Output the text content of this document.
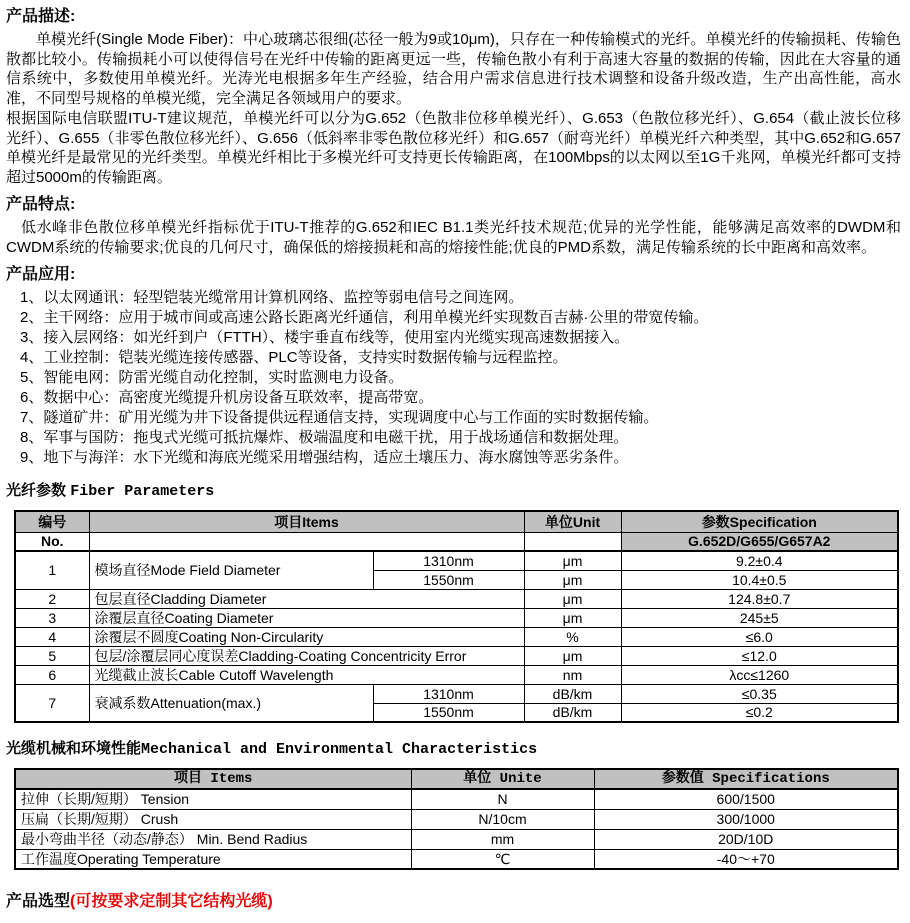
产品描述:
单模光纤(Single Mode Fiber)：中心玻璃芯很细(芯径一般为9或10μm)，只存在一种传输模式的光纤。单模光纤的传输损耗、传输色散都比较小。传输损耗小可以使得信号在光纤中传输的距离更远一些，传输色散小有利于高速大容量的数据的传输，因此在大容量的通信系统中，多数使用单模光纤。光涛光电根据多年生产经验，结合用户需求信息进行技术调整和设备升级改造，生产出高性能，高水准，不同型号规格的单模光缆，完全满足各领域用户的要求。
根据国际电信联盟ITU-T建议规范，单模光纤可以分为G.652（色散非位移单模光纤）、G.653（色散位移光纤）、G.654（截止波长位移光纤）、G.655（非零色散位移光纤）、G.656（低斜率非零色散位移光纤）和G.657（耐弯光纤）单模光纤六种类型，其中G.652和G.657单模光纤是最常见的光纤类型。单模光纤相比于多模光纤可支持更长传输距离，在100Mbps的以太网以至1G千兆网，单模光纤都可支持超过5000m的传输距离。
产品特点:
低水峰非色散位移单模光纤指标优于ITU-T推荐的G.652和IEC B1.1类光纤技术规范;优异的光学性能，能够满足高效率的DWDM和CWDM系统的传输要求;优良的几何尺寸，确保低的熔接损耗和高的熔接性能;优良的PMD系数，满足传输系统的长中距离和高效率。
产品应用:
1、以太网通讯：轻型铠装光缆常用计算机网络、监控等弱电信号之间连网。
2、主干网络：应用于城市间或高速公路长距离光纤通信，利用单模光纤实现数百吉赫·公里的带宽传输。
3、接入层网络：如光纤到户（FTTH）、楼宇垂直布线等，使用室内光缆实现高速数据接入。
4、工业控制：铠装光缆连接传感器、PLC等设备，支持实时数据传输与远程监控。
5、智能电网：防雷光缆自动化控制，实时监测电力设备。
6、数据中心：高密度光缆提升机房设备互联效率，提高带宽。
7、隧道矿井：矿用光缆为井下设备提供远程通信支持，实现调度中心与工作面的实时数据传输。
8、军事与国防：拖曳式光缆可抵抗爆炸、极端温度和电磁干扰，用于战场通信和数据处理。
9、地下与海洋：水下光缆和海底光缆采用增强结构，适应土壤压力、海水腐蚀等恶劣条件。
光纤参数 Fiber Parameters
编号	项目Items		单位Unit	参数Specification
No.				G.652D/G655/G657A2
1	模场直径Mode Field Diameter	1310nm	μm	9.2±0.4
		1550nm	μm	10.4±0.5
2	包层直径Cladding Diameter		μm	124.8±0.7
3	涂覆层直径Coating Diameter		μm	245±5
4	涂覆层不圆度Coating Non-Circularity		%	≤6.0
5	包层/涂覆层同心度误差Cladding-Coating Concentricity Error		μm	≤12.0
6	光缆截止波长Cable Cutoff Wavelength		nm	λcc≤1260
7	衰减系数Attenuation(max.)	1310nm	dB/km	≤0.35
		1550nm	dB/km	≤0.2
光缆机械和环境性能Mechanical and Environmental Characteristics
项目 Items	单位 Unite	参数值 Specifications
拉伸（长期/短期） Tension	N	600/1500
压扁（长期/短期） Crush	N/10cm	300/1000
最小弯曲半径（动态/静态） Min. Bend Radius	mm	20D/10D
工作温度Operating Temperature	℃	-40～+70
产品选型(可按要求定制其它结构光缆)
